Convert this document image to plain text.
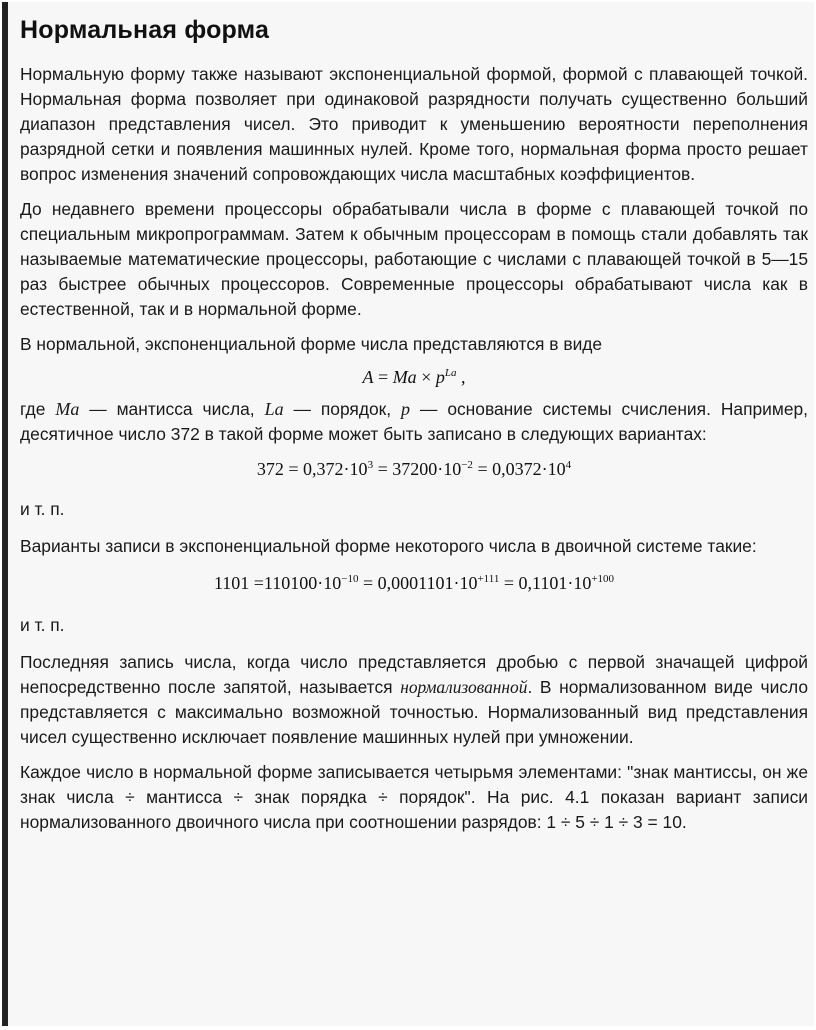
Нормальная форма

Нормальную форму также называют экспоненциальной формой, формой с плавающей точкой. Нормальная форма позволяет при одинаковой разрядности получать существенно больший диапазон представления чисел. Это приводит к уменьшению вероятности переполнения разрядной сетки и появления машинных нулей. Кроме того, нормальная форма просто решает вопрос изменения значений сопровождающих числа масштабных коэффициентов.

До недавнего времени процессоры обрабатывали числа в форме с плавающей точкой по специальным микропрограммам. Затем к обычным процессорам в помощь стали добавлять так называемые математические процессоры, работающие с числами с плавающей точкой в 5—15 раз быстрее обычных процессоров. Современные процессоры обрабатывают числа как в естественной, так и в нормальной форме.

В нормальной, экспоненциальной форме числа представляются в виде

$A = Ma \times p^{La}$ ,

где Ma — мантисса числа, La — порядок, p — основание системы счисления. Например, десятичное число 372 в такой форме может быть записано в следующих вариантах:

$372 = 0,372\cdot 10^3 = 37200\cdot 10^{-2} = 0,0372\cdot 10^4$

и т. п.

Варианты записи в экспоненциальной форме некоторого числа в двоичной системе такие:

$1101 =110100\cdot 10^{-10} = 0,0001101\cdot 10^{+111} = 0,1101\cdot 10^{+100}$

и т. п.

Последняя запись числа, когда число представляется дробью с первой значащей цифрой непосредственно после запятой, называется нормализованной. В нормализованном виде число представляется с максимально возможной точностью. Нормализованный вид представления чисел существенно исключает появление машинных нулей при умножении.

Каждое число в нормальной форме записывается четырьмя элементами: "знак мантиссы, он же знак числа ÷ мантисса ÷ знак порядка ÷ порядок". На рис. 4.1 показан вариант записи нормализованного двоичного числа при соотношении разрядов: 1 ÷ 5 ÷ 1 ÷ 3 = 10.
